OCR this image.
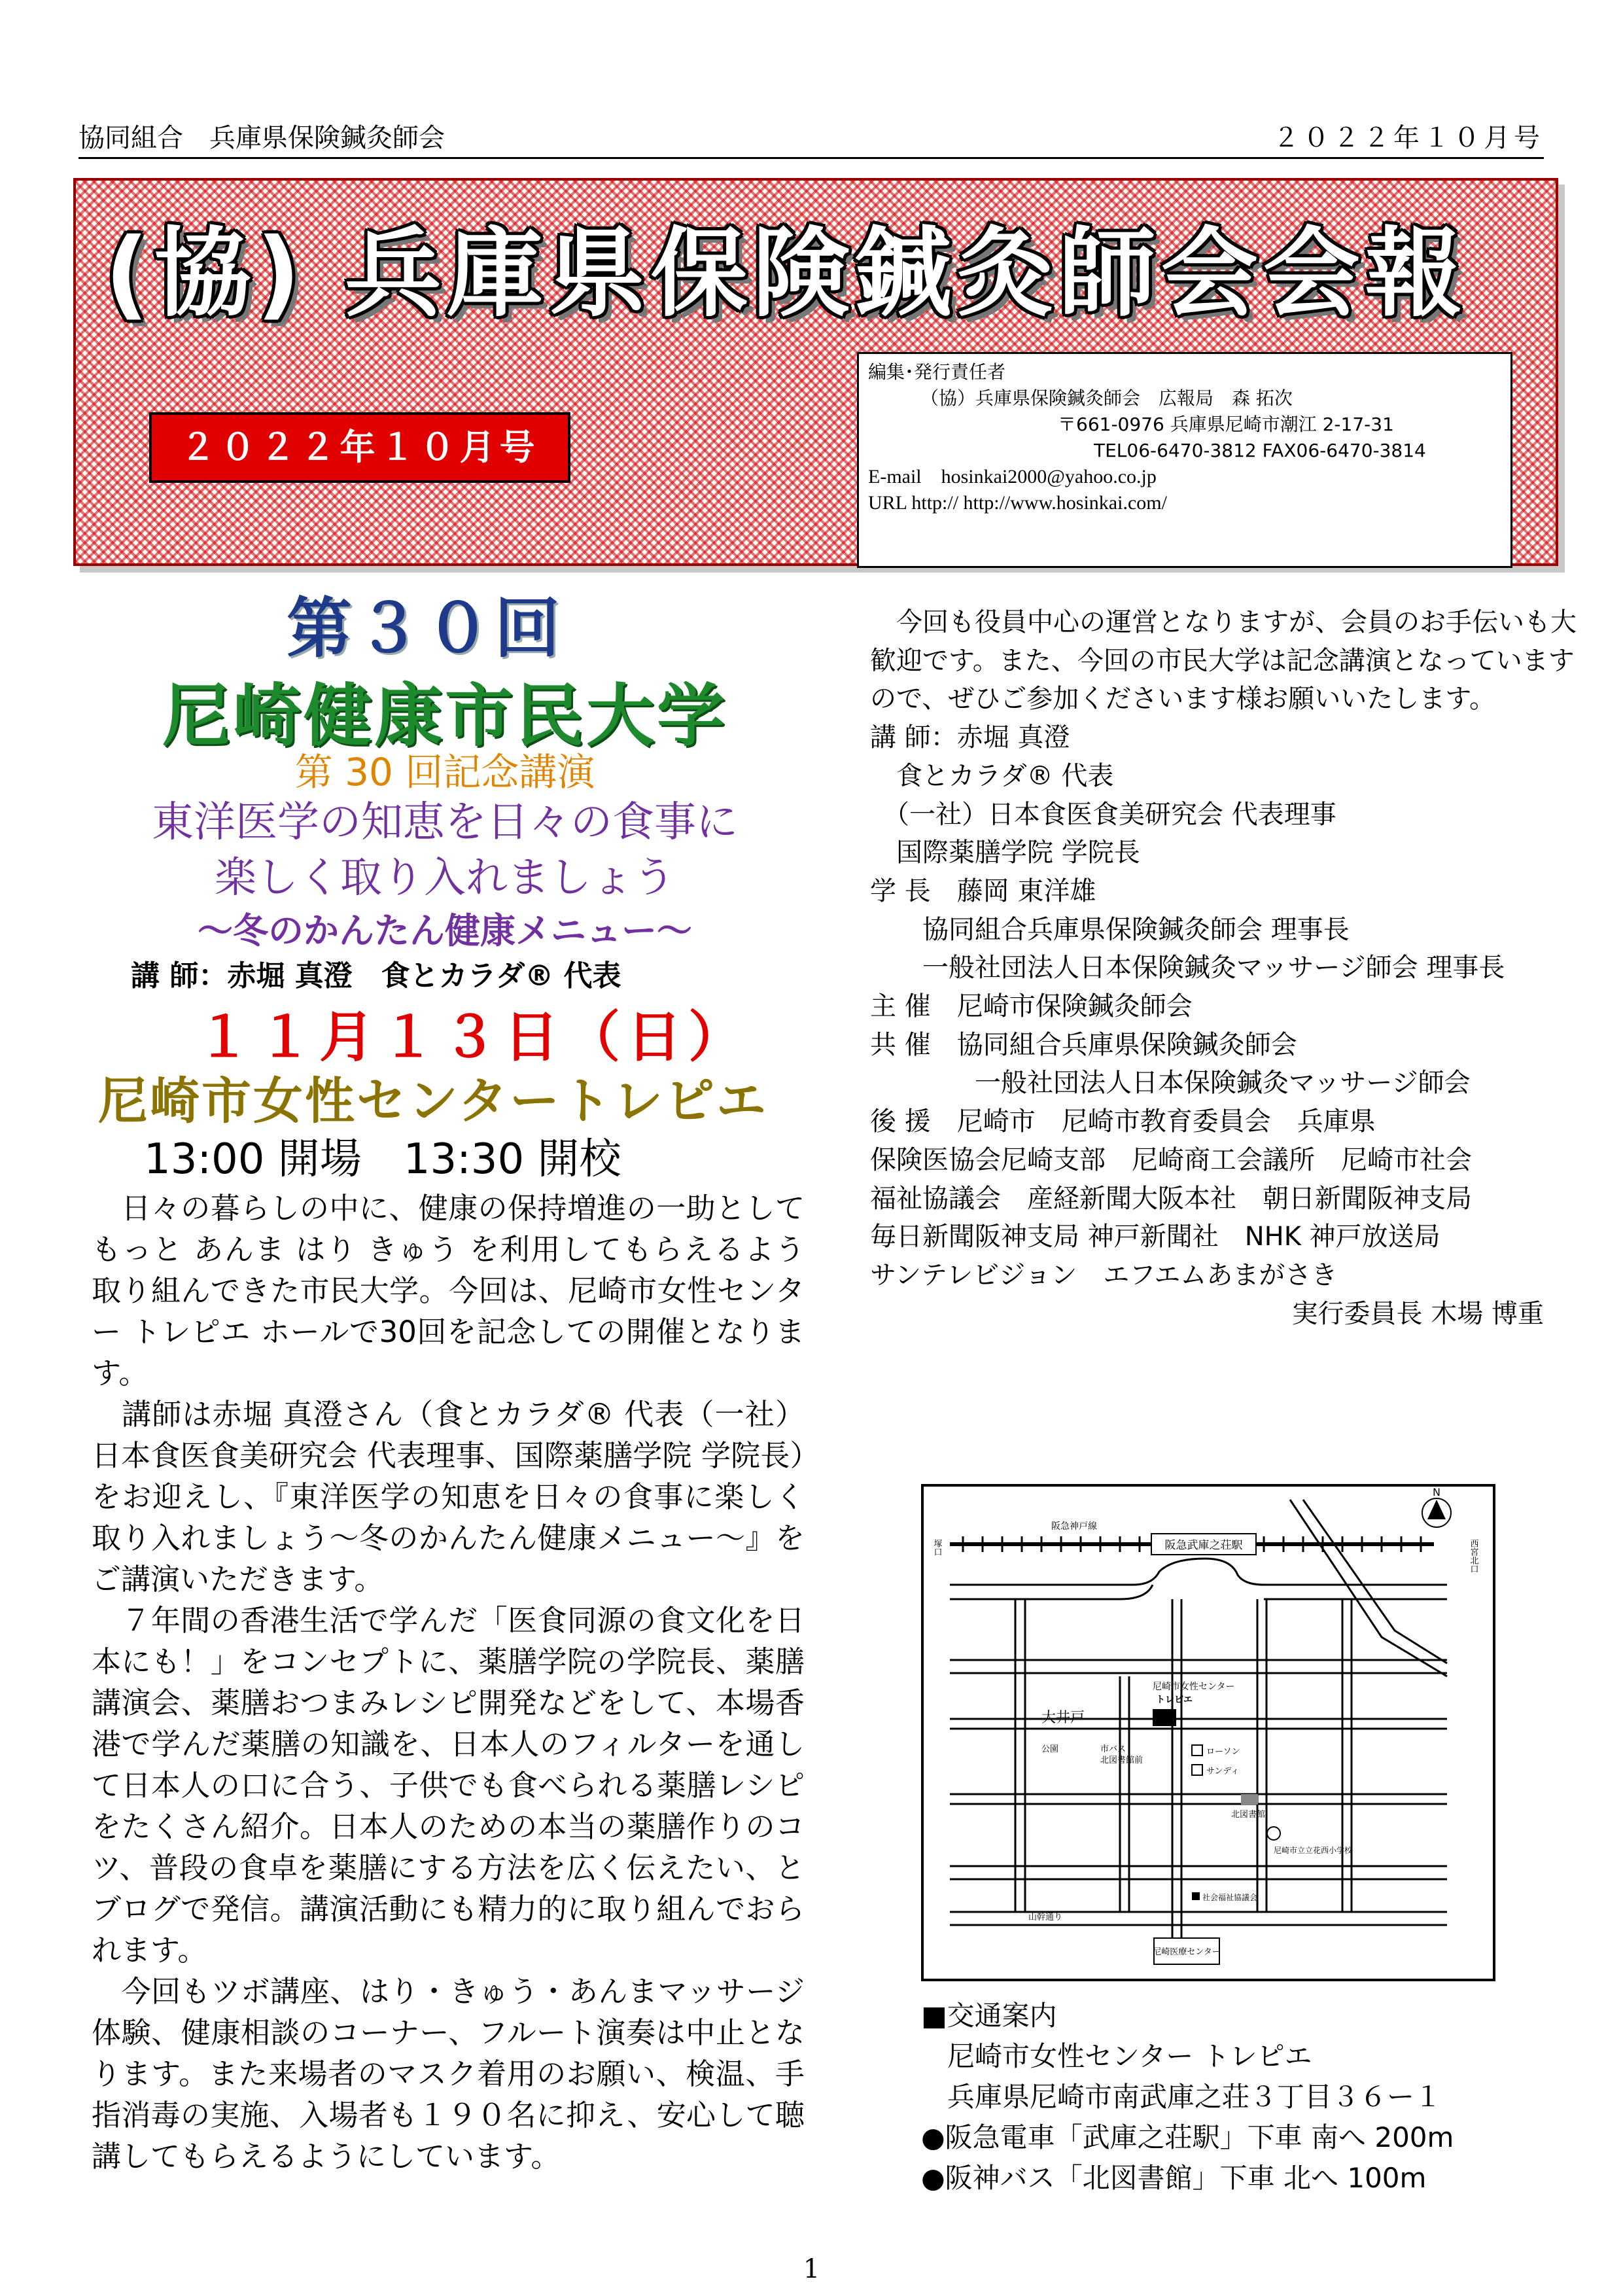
協同組合　兵庫県保険鍼灸師会	２０２２年１０月号
(協) 兵庫県保険鍼灸師会会報
２０２２年１０月号
編集･発行責任者
（協）兵庫県保険鍼灸師会　広報局　森 拓次
〒661-0976 兵庫県尼崎市潮江 2-17-31
TEL06-6470-3812 FAX06-6470-3814
E-mail　hosinkai2000@yahoo.co.jp
URL http:// http://www.hosinkai.com/
第３０回
尼崎健康市民大学
第 30 回記念講演
東洋医学の知恵を日々の食事に
楽しく取り入れましょう
～冬のかんたん健康メニュー～
講 師：赤堀 真澄　食とカラダ® 代表
１１月１３日（日）
尼崎市女性センタートレピエ
13:00 開場　13:30 開校

　日々の暮らしの中に、健康の保持増進の一助としてもっと あんま はり きゅう を利用してもらえるよう取り組んできた市民大学。今回は、尼崎市女性センター トレピエ ホールで30回を記念しての開催となります。

　講師は赤堀 真澄さん（食とカラダ® 代表（一社）日本食医食美研究会 代表理事、国際薬膳学院 学院長）をお迎えし、『東洋医学の知恵を日々の食事に楽しく取り入れましょう～冬のかんたん健康メニュー～』をご講演いただきます。

　７年間の香港生活で学んだ「医食同源の食文化を日本にも！」をコンセプトに、薬膳学院の学院長、薬膳講演会、薬膳おつまみレシピ開発などをして、本場香港で学んだ薬膳の知識を、日本人のフィルターを通して日本人の口に合う、子供でも食べられる薬膳レシピをたくさん紹介。日本人のための本当の薬膳作りのコツ、普段の食卓を薬膳にする方法を広く伝えたい、とブログで発信。講演活動にも精力的に取り組んでおられます。

　今回もツボ講座、はり・きゅう・あんまマッサージ体験、健康相談のコーナー、フルート演奏は中止となります。また来場者のマスク着用のお願い、検温、手指消毒の実施、入場者も１９０名に抑え、安心して聴講してもらえるようにしています。

　今回も役員中心の運営となりますが、会員のお手伝いも大歓迎です。また、今回の市民大学は記念講演となっていますので、ぜひご参加くださいます様お願いいたします。

講 師：赤堀 真澄
　食とカラダ® 代表
　（一社）日本食医食美研究会 代表理事
　国際薬膳学院 学院長
学 長　藤岡 東洋雄
　　協同組合兵庫県保険鍼灸師会 理事長
　　一般社団法人日本保険鍼灸マッサージ師会 理事長
主 催　尼崎市保険鍼灸師会
共 催　協同組合兵庫県保険鍼灸師会
　　　　一般社団法人日本保険鍼灸マッサージ師会
後 援　尼崎市　尼崎市教育委員会　兵庫県
保険医協会尼崎支部　尼崎商工会議所　尼崎市社会
福祉協議会　産経新聞大阪本社　朝日新聞阪神支局
毎日新聞阪神支局 神戸新聞社　NHK 神戸放送局
サンテレビジョン　エフエムあまがさき
実行委員長 木場 博重
阪急武庫之荘駅
阪急神戸線
塚口	西宮北口
N
山幹通り
尼崎市女性センター
トレピエ
大井戸
公園	市バス
北図書館前
ローソン
サンディ
北図書館
尼崎市立立花西小学校
社会福祉協議会
尼崎医療センター
■交通案内
尼崎市女性センター トレピエ
兵庫県尼崎市南武庫之荘３丁目３６ー１
●阪急電車「武庫之荘駅」下車 南へ 200m
●阪神バス「北図書館」下車 北へ 100m
1
